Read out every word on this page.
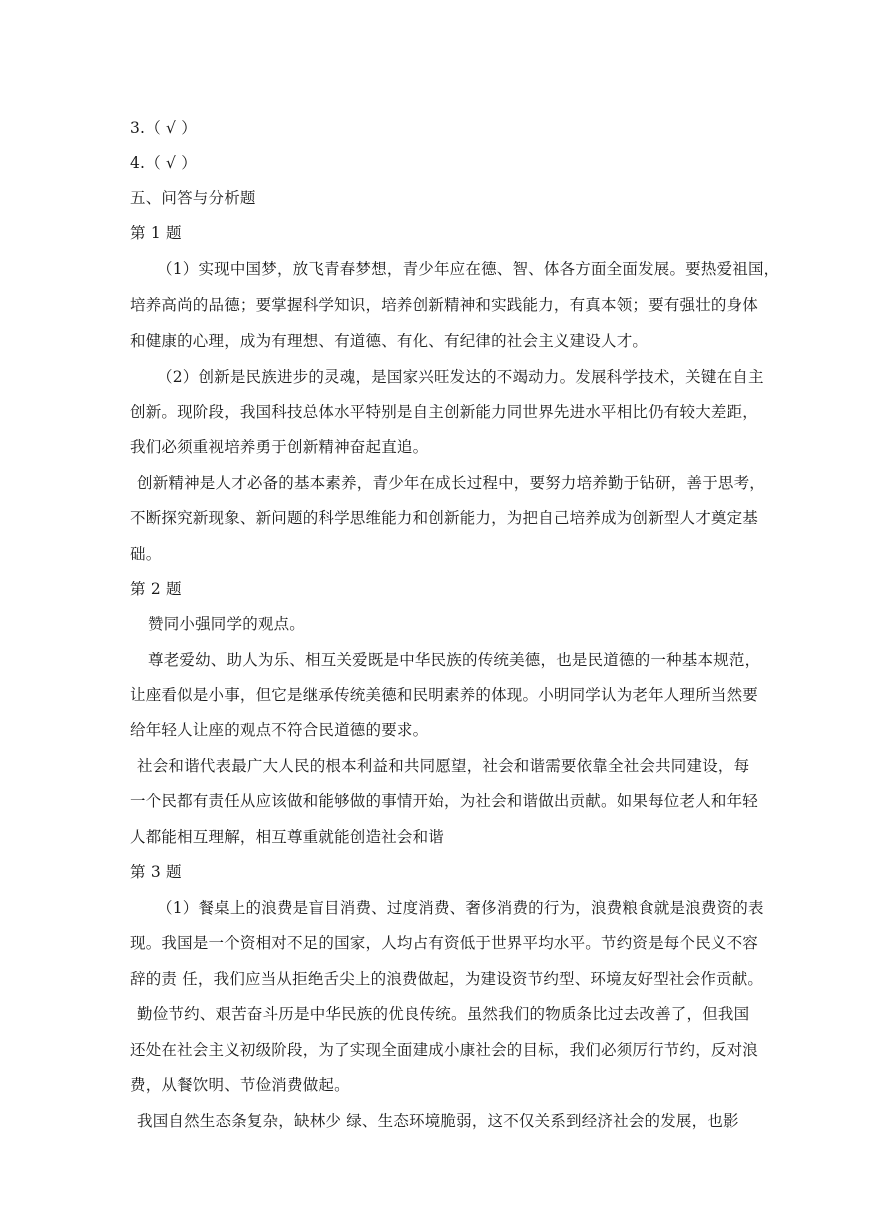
3.（ √ ）
4.（ √ ）
五、问答与分析题
第 1 题
（1）实现中国梦，放飞青春梦想，青少年应在德、智、体各方面全面发展。要热爱祖国，
培养高尚的品德；要掌握科学知识，培养创新精神和实践能力，有真本领；要有强壮的身体
和健康的心理，成为有理想、有道德、有化、有纪律的社会主义建设人才。
（2）创新是民族进步的灵魂，是国家兴旺发达的不竭动力。发展科学技术，关键在自主
创新。现阶段，我国科技总体水平特别是自主创新能力同世界先进水平相比仍有较大差距，
我们必须重视培养勇于创新精神奋起直追。
创新精神是人才必备的基本素养，青少年在成长过程中，要努力培养勤于钻研，善于思考，
不断探究新现象、新问题的科学思维能力和创新能力，为把自己培养成为创新型人才奠定基
础。
第 2 题
赞同小强同学的观点。
尊老爱幼、助人为乐、相互关爱既是中华民族的传统美德，也是民道德的一种基本规范，
让座看似是小事，但它是继承传统美德和民明素养的体现。小明同学认为老年人理所当然要
给年轻人让座的观点不符合民道德的要求。
社会和谐代表最广大人民的根本利益和共同愿望，社会和谐需要依靠全社会共同建设，每
一个民都有责任从应该做和能够做的事情开始，为社会和谐做出贡献。如果每位老人和年轻
人都能相互理解，相互尊重就能创造社会和谐
第 3 题
（1）餐桌上的浪费是盲目消费、过度消费、奢侈消费的行为，浪费粮食就是浪费资的表
现。我国是一个资相对不足的国家，人均占有资低于世界平均水平。节约资是每个民义不容
辞的责 任，我们应当从拒绝舌尖上的浪费做起，为建设资节约型、环境友好型社会作贡献。
勤俭节约、艰苦奋斗历是中华民族的优良传统。虽然我们的物质条比过去改善了，但我国
还处在社会主义初级阶段，为了实现全面建成小康社会的目标，我们必须厉行节约，反对浪
费，从餐饮明、节俭消费做起。
我国自然生态条复杂，缺林少 绿、生态环境脆弱，这不仅关系到经济社会的发展，也影
